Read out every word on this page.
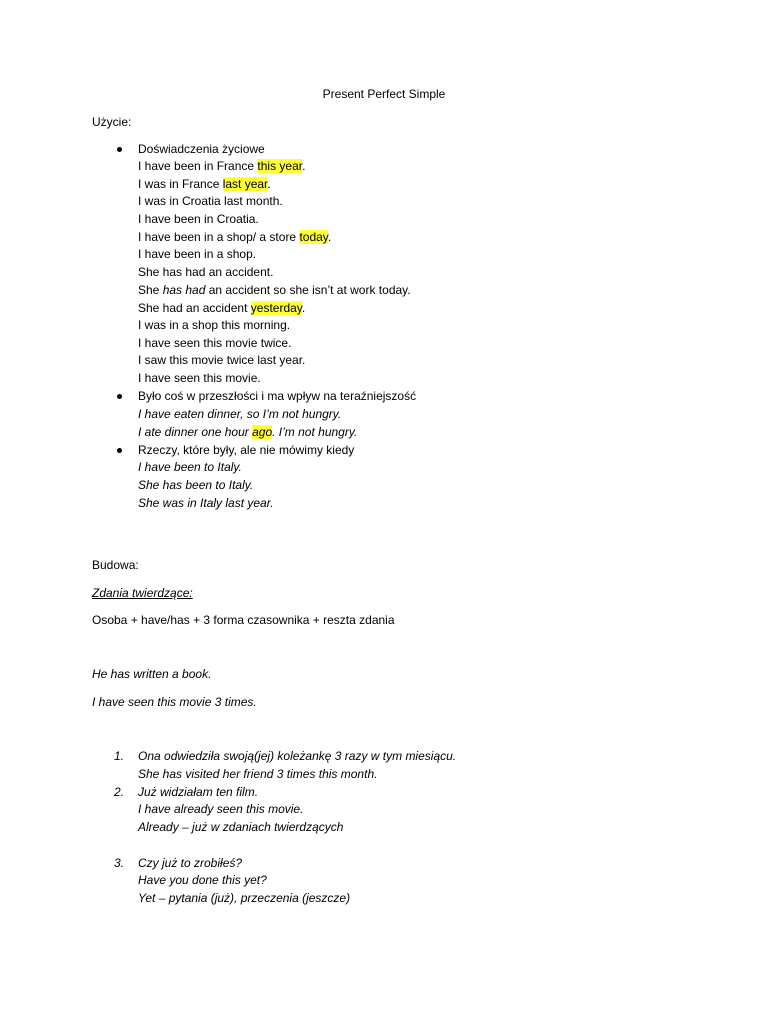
Present Perfect Simple
Użycie:
Doświadczenia życiowe
I have been in France this year.
I was in France last year.
I was in Croatia last month.
I have been in Croatia.
I have been in a shop/ a store today.
I have been in a shop.
She has had an accident.
She has had an accident so she isn’t at work today.
She had an accident yesterday.
I was in a shop this morning.
I have seen this movie twice.
I saw this movie twice last year.
I have seen this movie.
Było coś w przeszłości i ma wpływ na teraźniejszość
I have eaten dinner, so I’m not hungry.
I ate dinner one hour ago. I’m not hungry.
Rzeczy, które były, ale nie mówimy kiedy
I have been to Italy.
She has been to Italy.
She was in Italy last year.
Budowa:
Zdania twierdzące:
Osoba + have/has + 3 forma czasownika + reszta zdania
He has written a book.
I have seen this movie 3 times.
1. Ona odwiedziła swoją(jej) koleżankę 3 razy w tym miesiącu.
She has visited her friend 3 times this month.
2. Już widziałam ten film.
I have already seen this movie.
Already – już w zdaniach twierdzących
3. Czy już to zrobiłeś?
Have you done this yet?
Yet – pytania (już), przeczenia (jeszcze)
